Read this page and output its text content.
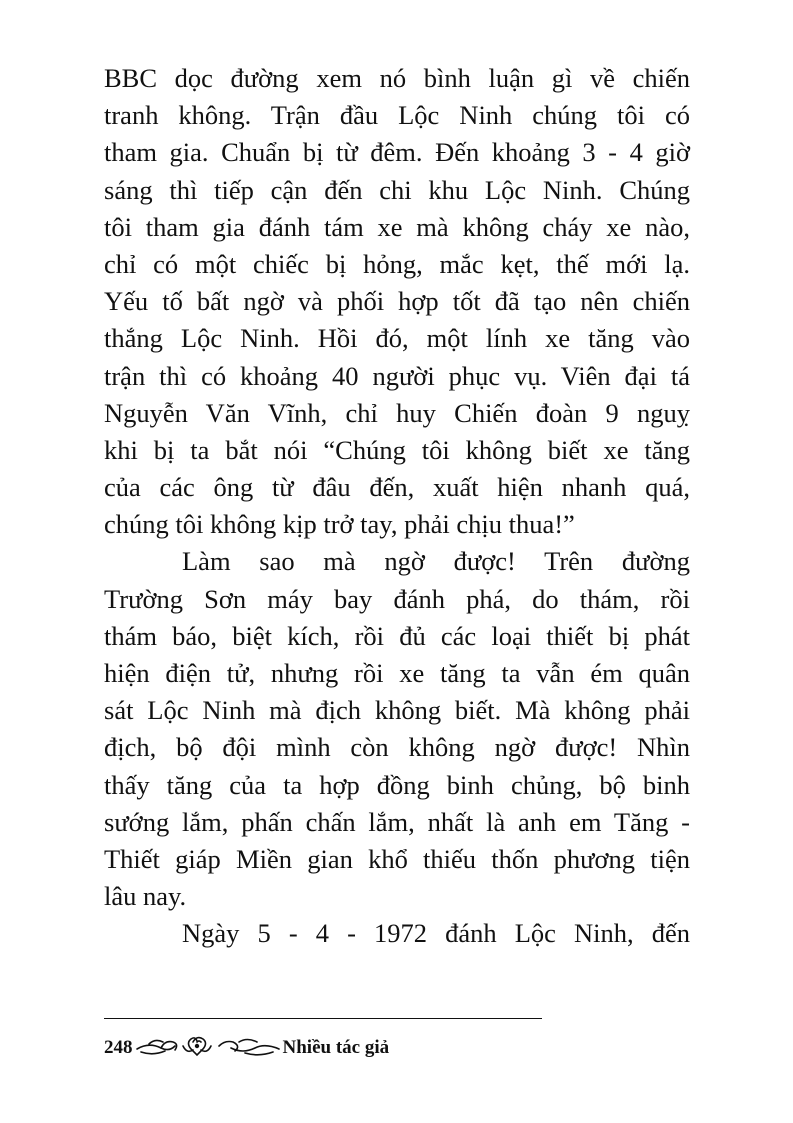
BBC dọc đường xem nó bình luận gì về chiến
tranh không. Trận đầu Lộc Ninh chúng tôi có
tham gia. Chuẩn bị từ đêm. Đến khoảng 3 - 4 giờ
sáng thì tiếp cận đến chi khu Lộc Ninh. Chúng
tôi tham gia đánh tám xe mà không cháy xe nào,
chỉ có một chiếc bị hỏng, mắc kẹt, thế mới lạ.
Yếu tố bất ngờ và phối hợp tốt đã tạo nên chiến
thắng Lộc Ninh. Hồi đó, một lính xe tăng vào
trận thì có khoảng 40 người phục vụ. Viên đại tá
Nguyễn Văn Vĩnh, chỉ huy Chiến đoàn 9 nguỵ
khi bị ta bắt nói “Chúng tôi không biết xe tăng
của các ông từ đâu đến, xuất hiện nhanh quá,
chúng tôi không kịp trở tay, phải chịu thua!”
Làm sao mà ngờ được! Trên đường
Trường Sơn máy bay đánh phá, do thám, rồi
thám báo, biệt kích, rồi đủ các loại thiết bị phát
hiện điện tử, nhưng rồi xe tăng ta vẫn ém quân
sát Lộc Ninh mà địch không biết. Mà không phải
địch, bộ đội mình còn không ngờ được! Nhìn
thấy tăng của ta hợp đồng binh chủng, bộ binh
sướng lắm, phấn chấn lắm, nhất là anh em Tăng -
Thiết giáp Miền gian khổ thiếu thốn phương tiện
lâu nay.
Ngày 5 - 4 - 1972 đánh Lộc Ninh, đến
248	Nhiều tác giả
